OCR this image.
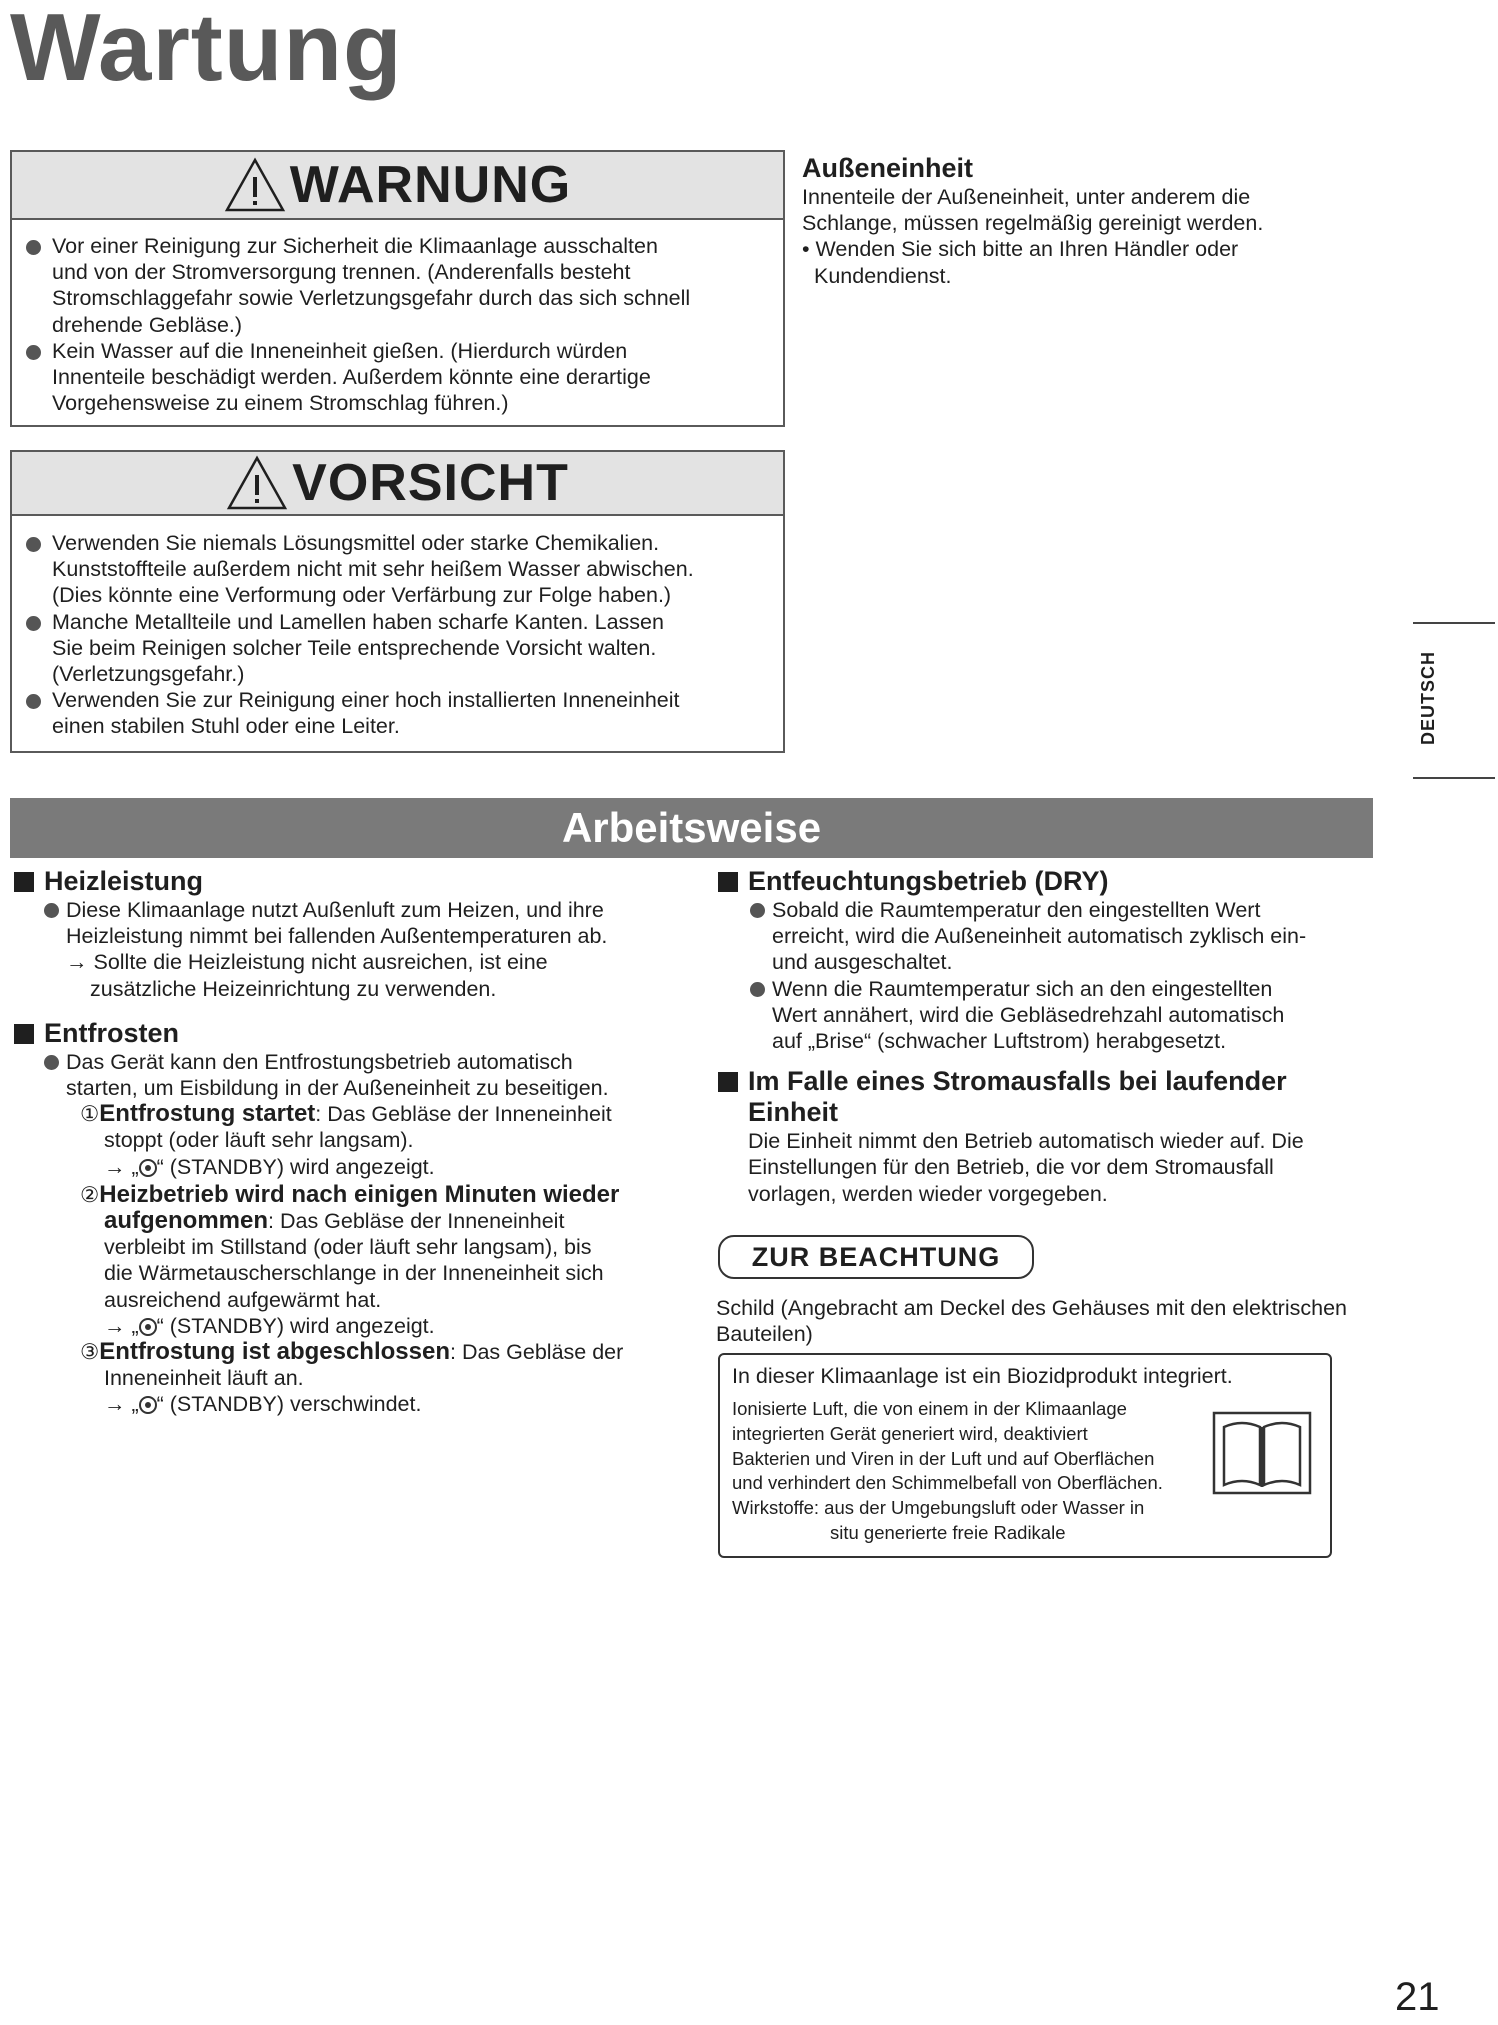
Wartung
WARNUNG
Vor einer Reinigung zur Sicherheit die Klimaanlage ausschalten
und von der Stromversorgung trennen. (Anderenfalls besteht
Stromschlaggefahr sowie Verletzungsgefahr durch das sich schnell
drehende Gebläse.)
Kein Wasser auf die Inneneinheit gießen. (Hierdurch würden
Innenteile beschädigt werden. Außerdem könnte eine derartige
Vorgehensweise zu einem Stromschlag führen.)
VORSICHT
Verwenden Sie niemals Lösungsmittel oder starke Chemikalien.
Kunststoffteile außerdem nicht mit sehr heißem Wasser abwischen.
(Dies könnte eine Verformung oder Verfärbung zur Folge haben.)
Manche Metallteile und Lamellen haben scharfe Kanten. Lassen
Sie beim Reinigen solcher Teile entsprechende Vorsicht walten.
(Verletzungsgefahr.)
Verwenden Sie zur Reinigung einer hoch installierten Inneneinheit
einen stabilen Stuhl oder eine Leiter.
Außeneinheit
Innenteile der Außeneinheit, unter anderem die
Schlange, müssen regelmäßig gereinigt werden.
• Wenden Sie sich bitte an Ihren Händler oder
Kundendienst.
DEUTSCH
Arbeitsweise
Heizleistung
Diese Klimaanlage nutzt Außenluft zum Heizen, und ihre
Heizleistung nimmt bei fallenden Außentemperaturen ab.
→ Sollte die Heizleistung nicht ausreichen, ist eine
zusätzliche Heizeinrichtung zu verwenden.
Entfrosten
Das Gerät kann den Entfrostungsbetrieb automatisch
starten, um Eisbildung in der Außeneinheit zu beseitigen.
①Entfrostung startet: Das Gebläse der Inneneinheit
stoppt (oder läuft sehr langsam).
→ „ “ (STANDBY) wird angezeigt.
②Heizbetrieb wird nach einigen Minuten wieder
aufgenommen: Das Gebläse der Inneneinheit
verbleibt im Stillstand (oder läuft sehr langsam), bis
die Wärmetauscherschlange in der Inneneinheit sich
ausreichend aufgewärmt hat.
→ „ “ (STANDBY) wird angezeigt.
③Entfrostung ist abgeschlossen: Das Gebläse der
Inneneinheit läuft an.
→ „ “ (STANDBY) verschwindet.
Entfeuchtungsbetrieb (DRY)
Sobald die Raumtemperatur den eingestellten Wert
erreicht, wird die Außeneinheit automatisch zyklisch ein-
und ausgeschaltet.
Wenn die Raumtemperatur sich an den eingestellten
Wert annähert, wird die Gebläsedrehzahl automatisch
auf „Brise“ (schwacher Luftstrom) herabgesetzt.
Im Falle eines Stromausfalls bei laufender
Einheit
Die Einheit nimmt den Betrieb automatisch wieder auf. Die
Einstellungen für den Betrieb, die vor dem Stromausfall
vorlagen, werden wieder vorgegeben.
ZUR BEACHTUNG
Schild (Angebracht am Deckel des Gehäuses mit den elektrischen
Bauteilen)
In dieser Klimaanlage ist ein Biozidprodukt integriert.
Ionisierte Luft, die von einem in der Klimaanlage
integrierten Gerät generiert wird, deaktiviert
Bakterien und Viren in der Luft und auf Oberflächen
und verhindert den Schimmelbefall von Oberflächen.
Wirkstoffe: aus der Umgebungsluft oder Wasser in
situ generierte freie Radikale
21
